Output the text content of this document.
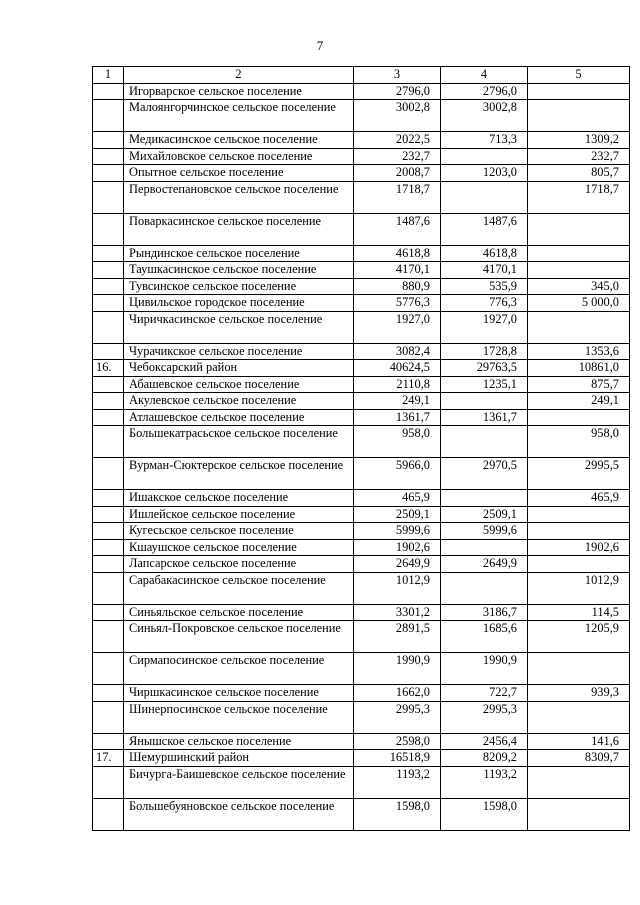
7
1	2	3	4	5
	Игорварское сельское поселение	2796,0	2796,0	
	Малоянгорчинское сельское поселение	3002,8	3002,8	
	Медикасинское сельское поселение	2022,5	713,3	1309,2
	Михайловское сельское поселение	232,7		232,7
	Опытное сельское поселение	2008,7	1203,0	805,7
	Первостепановское сельское поселение	1718,7		1718,7
	Поваркасинское сельское поселение	1487,6	1487,6	
	Рындинское сельское поселение	4618,8	4618,8	
	Таушкасинское сельское поселение	4170,1	4170,1	
	Тувсинское сельское поселение	880,9	535,9	345,0
	Цивильское городское поселение	5776,3	776,3	5 000,0
	Чиричкасинское сельское поселение	1927,0	1927,0	
	Чурачикское сельское поселение	3082,4	1728,8	1353,6
16.	Чебоксарский район	40624,5	29763,5	10861,0
	Абашевское сельское поселение	2110,8	1235,1	875,7
	Акулевское сельское поселение	249,1		249,1
	Атлашевское сельское поселение	1361,7	1361,7	
	Большекатрасьское сельское поселение	958,0		958,0
	Вурман-Сюктерское сельское поселение	5966,0	2970,5	2995,5
	Ишакское сельское поселение	465,9		465,9
	Ишлейское сельское поселение	2509,1	2509,1	
	Кугесьское сельское поселение	5999,6	5999,6	
	Кшаушское сельское поселение	1902,6		1902,6
	Лапсарское сельское поселение	2649,9	2649,9	
	Сарабакасинское сельское поселение	1012,9		1012,9
	Синьяльское сельское поселение	3301,2	3186,7	114,5
	Синьял-Покровское сельское поселение	2891,5	1685,6	1205,9
	Сирмапосинское сельское поселение	1990,9	1990,9	
	Чиршкасинское сельское поселение	1662,0	722,7	939,3
	Шинерпосинское сельское поселение	2995,3	2995,3	
	Янышское сельское поселение	2598,0	2456,4	141,6
17.	Шемуршинский район	16518,9	8209,2	8309,7
	Бичурга-Баишевское сельское поселение	1193,2	1193,2	
	Большебуяновское сельское поселение	1598,0	1598,0	
